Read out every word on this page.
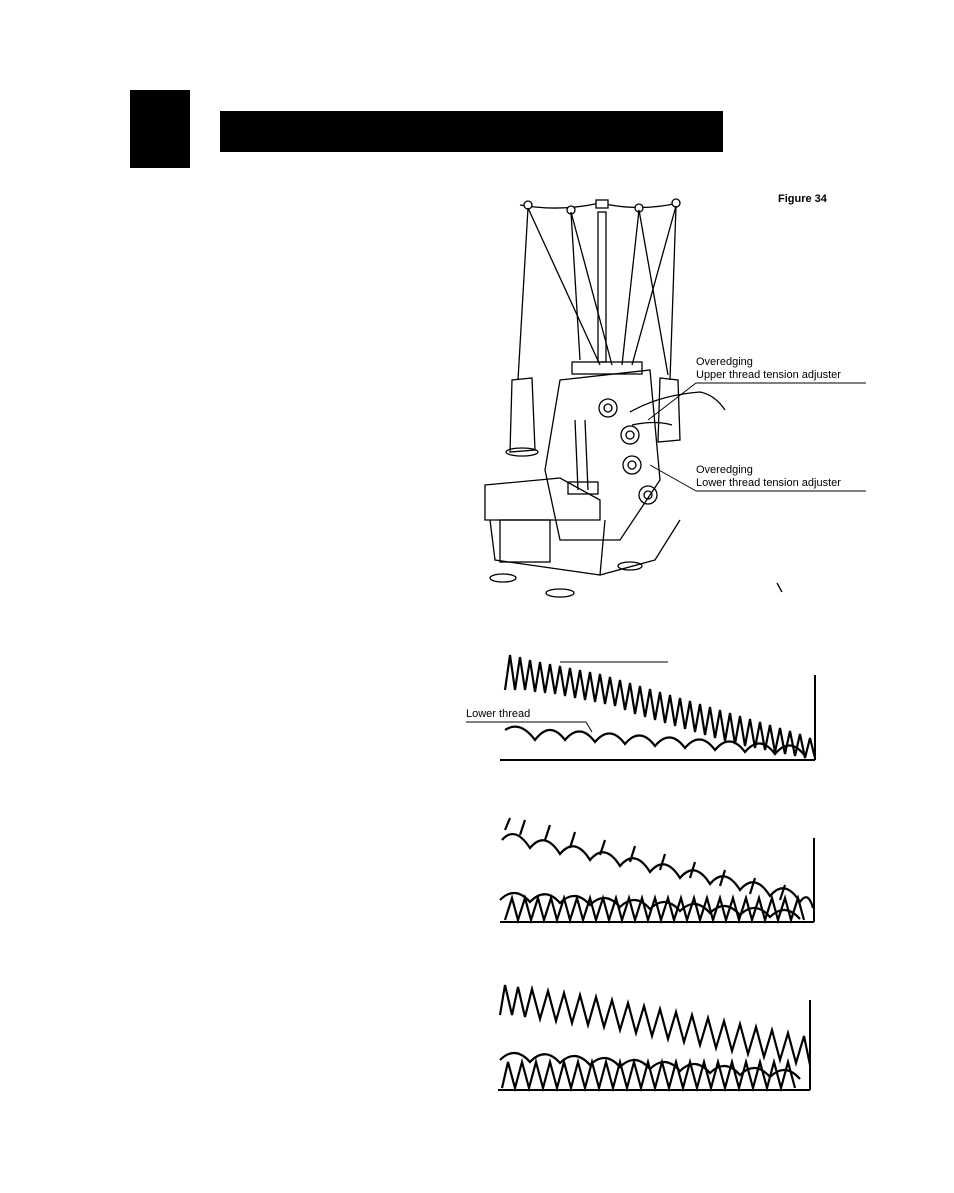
Figure 34
Overedging
Upper thread tension adjuster
Overedging
Lower thread tension adjuster
Lower thread
